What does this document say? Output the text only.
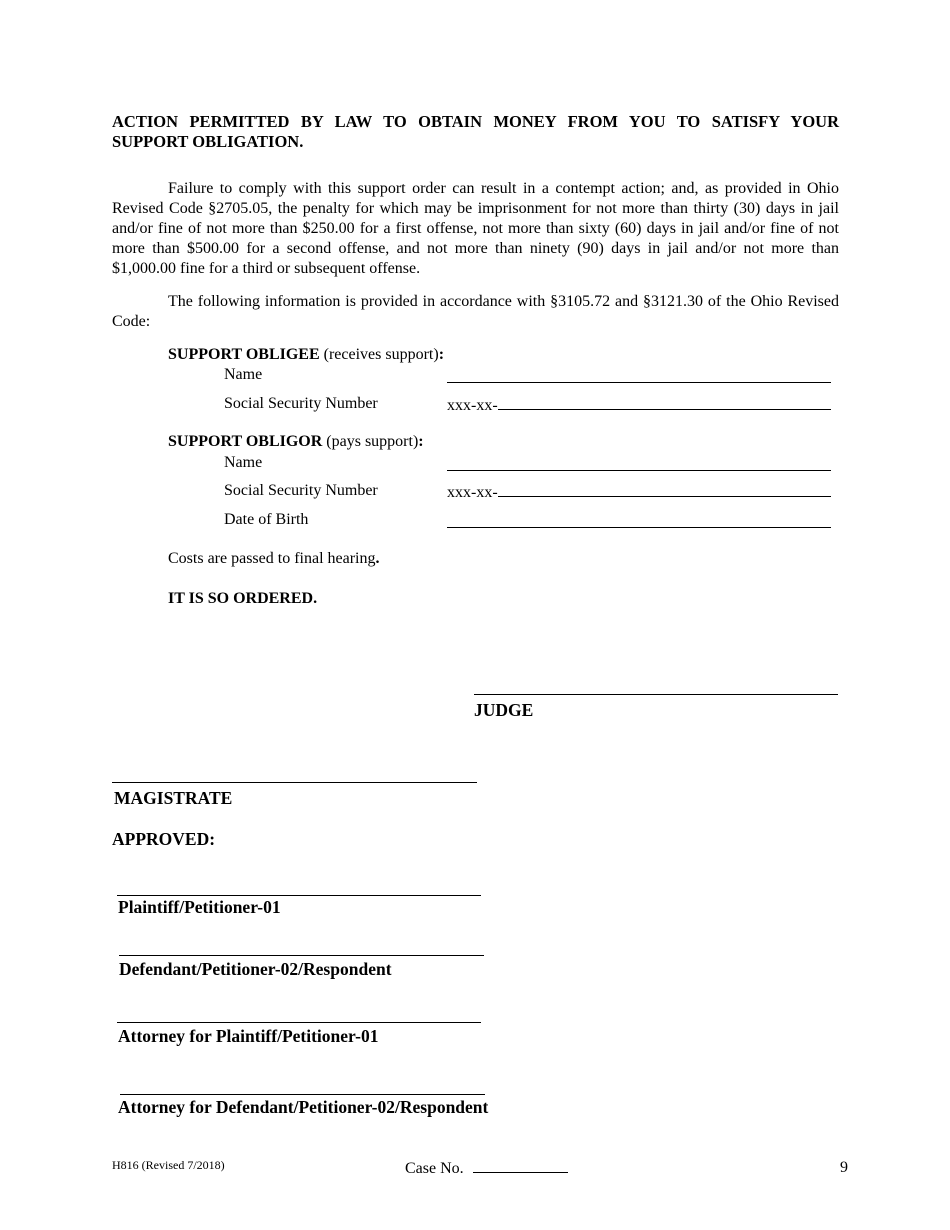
ACTION PERMITTED BY LAW TO OBTAIN MONEY FROM YOU TO SATISFY YOUR
SUPPORT OBLIGATION.
Failure to comply with this support order can result in a contempt action; and, as provided in Ohio Revised Code §2705.05, the penalty for which may be imprisonment for not more than thirty (30) days in jail and/or fine of not more than $250.00 for a first offense, not more than sixty (60) days in jail and/or fine of not more than $500.00 for a second offense, and not more than ninety (90) days in jail and/or not more than $1,000.00 fine for a third or subsequent offense.
The following information is provided in accordance with §3105.72 and §3121.30 of the Ohio Revised Code:
SUPPORT OBLIGEE (receives support):
Name
Social Security Number	xxx-xx-
SUPPORT OBLIGOR (pays support):
Name
Social Security Number	xxx-xx-
Date of Birth
Costs are passed to final hearing.
IT IS SO ORDERED.
JUDGE
MAGISTRATE
APPROVED:
Plaintiff/Petitioner-01
Defendant/Petitioner-02/Respondent
Attorney for Plaintiff/Petitioner-01
Attorney for Defendant/Petitioner-02/Respondent
H816 (Revised 7/2018)	Case No.	9
